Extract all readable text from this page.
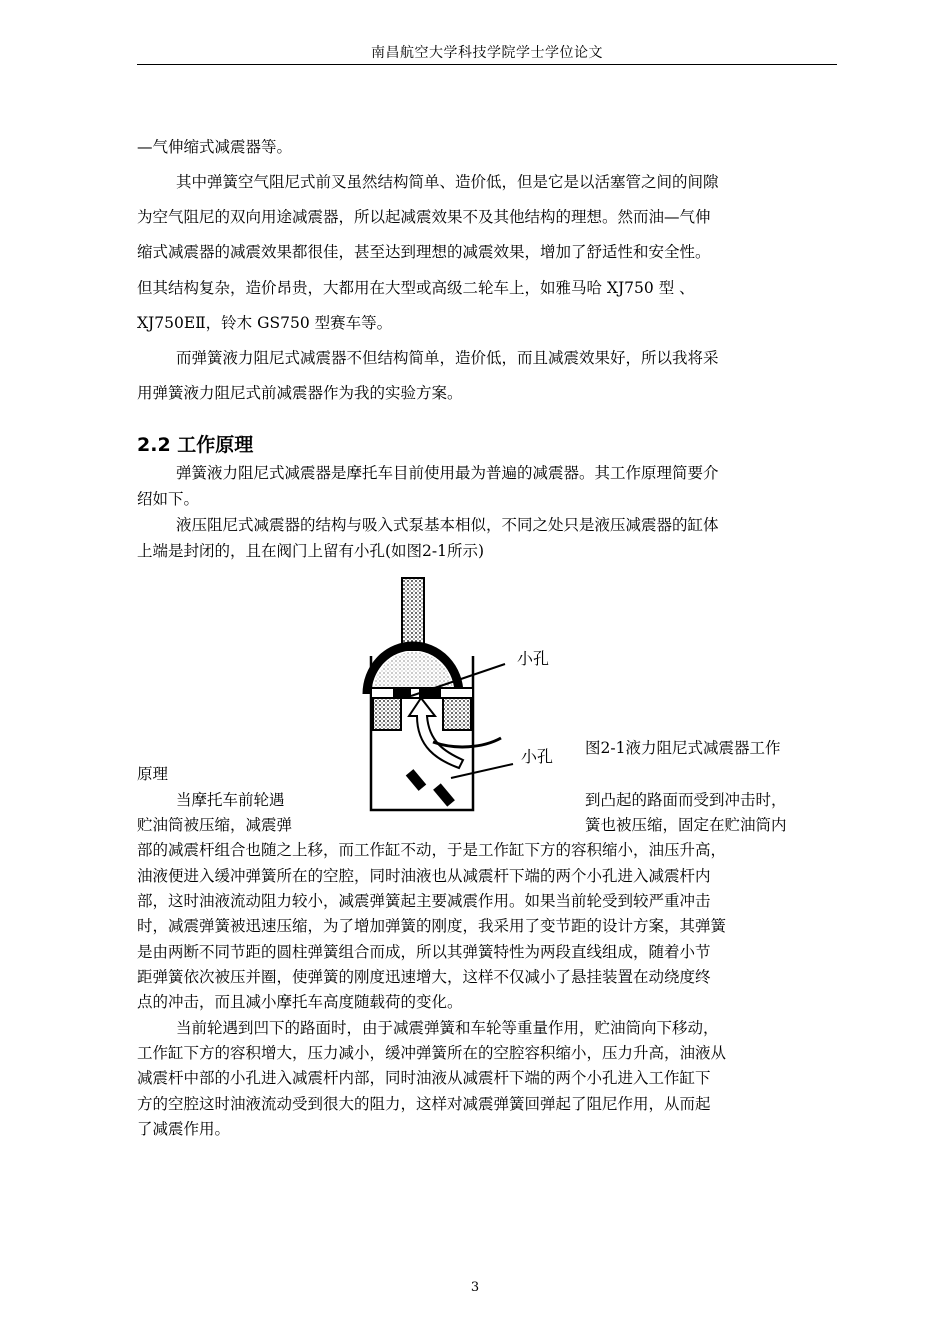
南昌航空大学科技学院学士学位论文
—气伸缩式减震器等。
其中弹簧空气阻尼式前叉虽然结构简单、造价低，但是它是以活塞管之间的间隙
为空气阻尼的双向用途减震器，所以起减震效果不及其他结构的理想。然而油—气伸
缩式减震器的减震效果都很佳，甚至达到理想的减震效果，增加了舒适性和安全性。
但其结构复杂，造价昂贵，大都用在大型或高级二轮车上，如雅马哈 XJ750 型 、
XJ750EⅡ，铃木 GS750 型赛车等。
而弹簧液力阻尼式减震器不但结构简单，造价低，而且减震效果好，所以我将采
用弹簧液力阻尼式前减震器作为我的实验方案。
2.2 工作原理
弹簧液力阻尼式减震器是摩托车目前使用最为普遍的减震器。其工作原理简要介
绍如下。
液压阻尼式减震器的结构与吸入式泵基本相似，不同之处只是液压减震器的缸体
上端是封闭的，且在阀门上留有小孔(如图2-1所示)
小孔
小孔 图2-1液力阻尼式减震器工作
原理
当摩托车前轮遇	到凸起的路面而受到冲击时，
贮油筒被压缩，减震弹	簧也被压缩，固定在贮油筒内
部的减震杆组合也随之上移，而工作缸不动，于是工作缸下方的容积缩小，油压升高，
油液便进入缓冲弹簧所在的空腔，同时油液也从减震杆下端的两个小孔进入减震杆内
部，这时油液流动阻力较小，减震弹簧起主要减震作用。如果当前轮受到较严重冲击
时，减震弹簧被迅速压缩，为了增加弹簧的刚度，我采用了变节距的设计方案，其弹簧
是由两断不同节距的圆柱弹簧组合而成，所以其弹簧特性为两段直线组成，随着小节
距弹簧依次被压并圈，使弹簧的刚度迅速增大，这样不仅减小了悬挂装置在动绕度终
点的冲击，而且减小摩托车高度随载荷的变化。
当前轮遇到凹下的路面时，由于减震弹簧和车轮等重量作用，贮油筒向下移动，
工作缸下方的容积增大，压力减小，缓冲弹簧所在的空腔容积缩小，压力升高，油液从
减震杆中部的小孔进入减震杆内部，同时油液从减震杆下端的两个小孔进入工作缸下
方的空腔这时油液流动受到很大的阻力，这样对减震弹簧回弹起了阻尼作用，从而起
了减震作用。
3
